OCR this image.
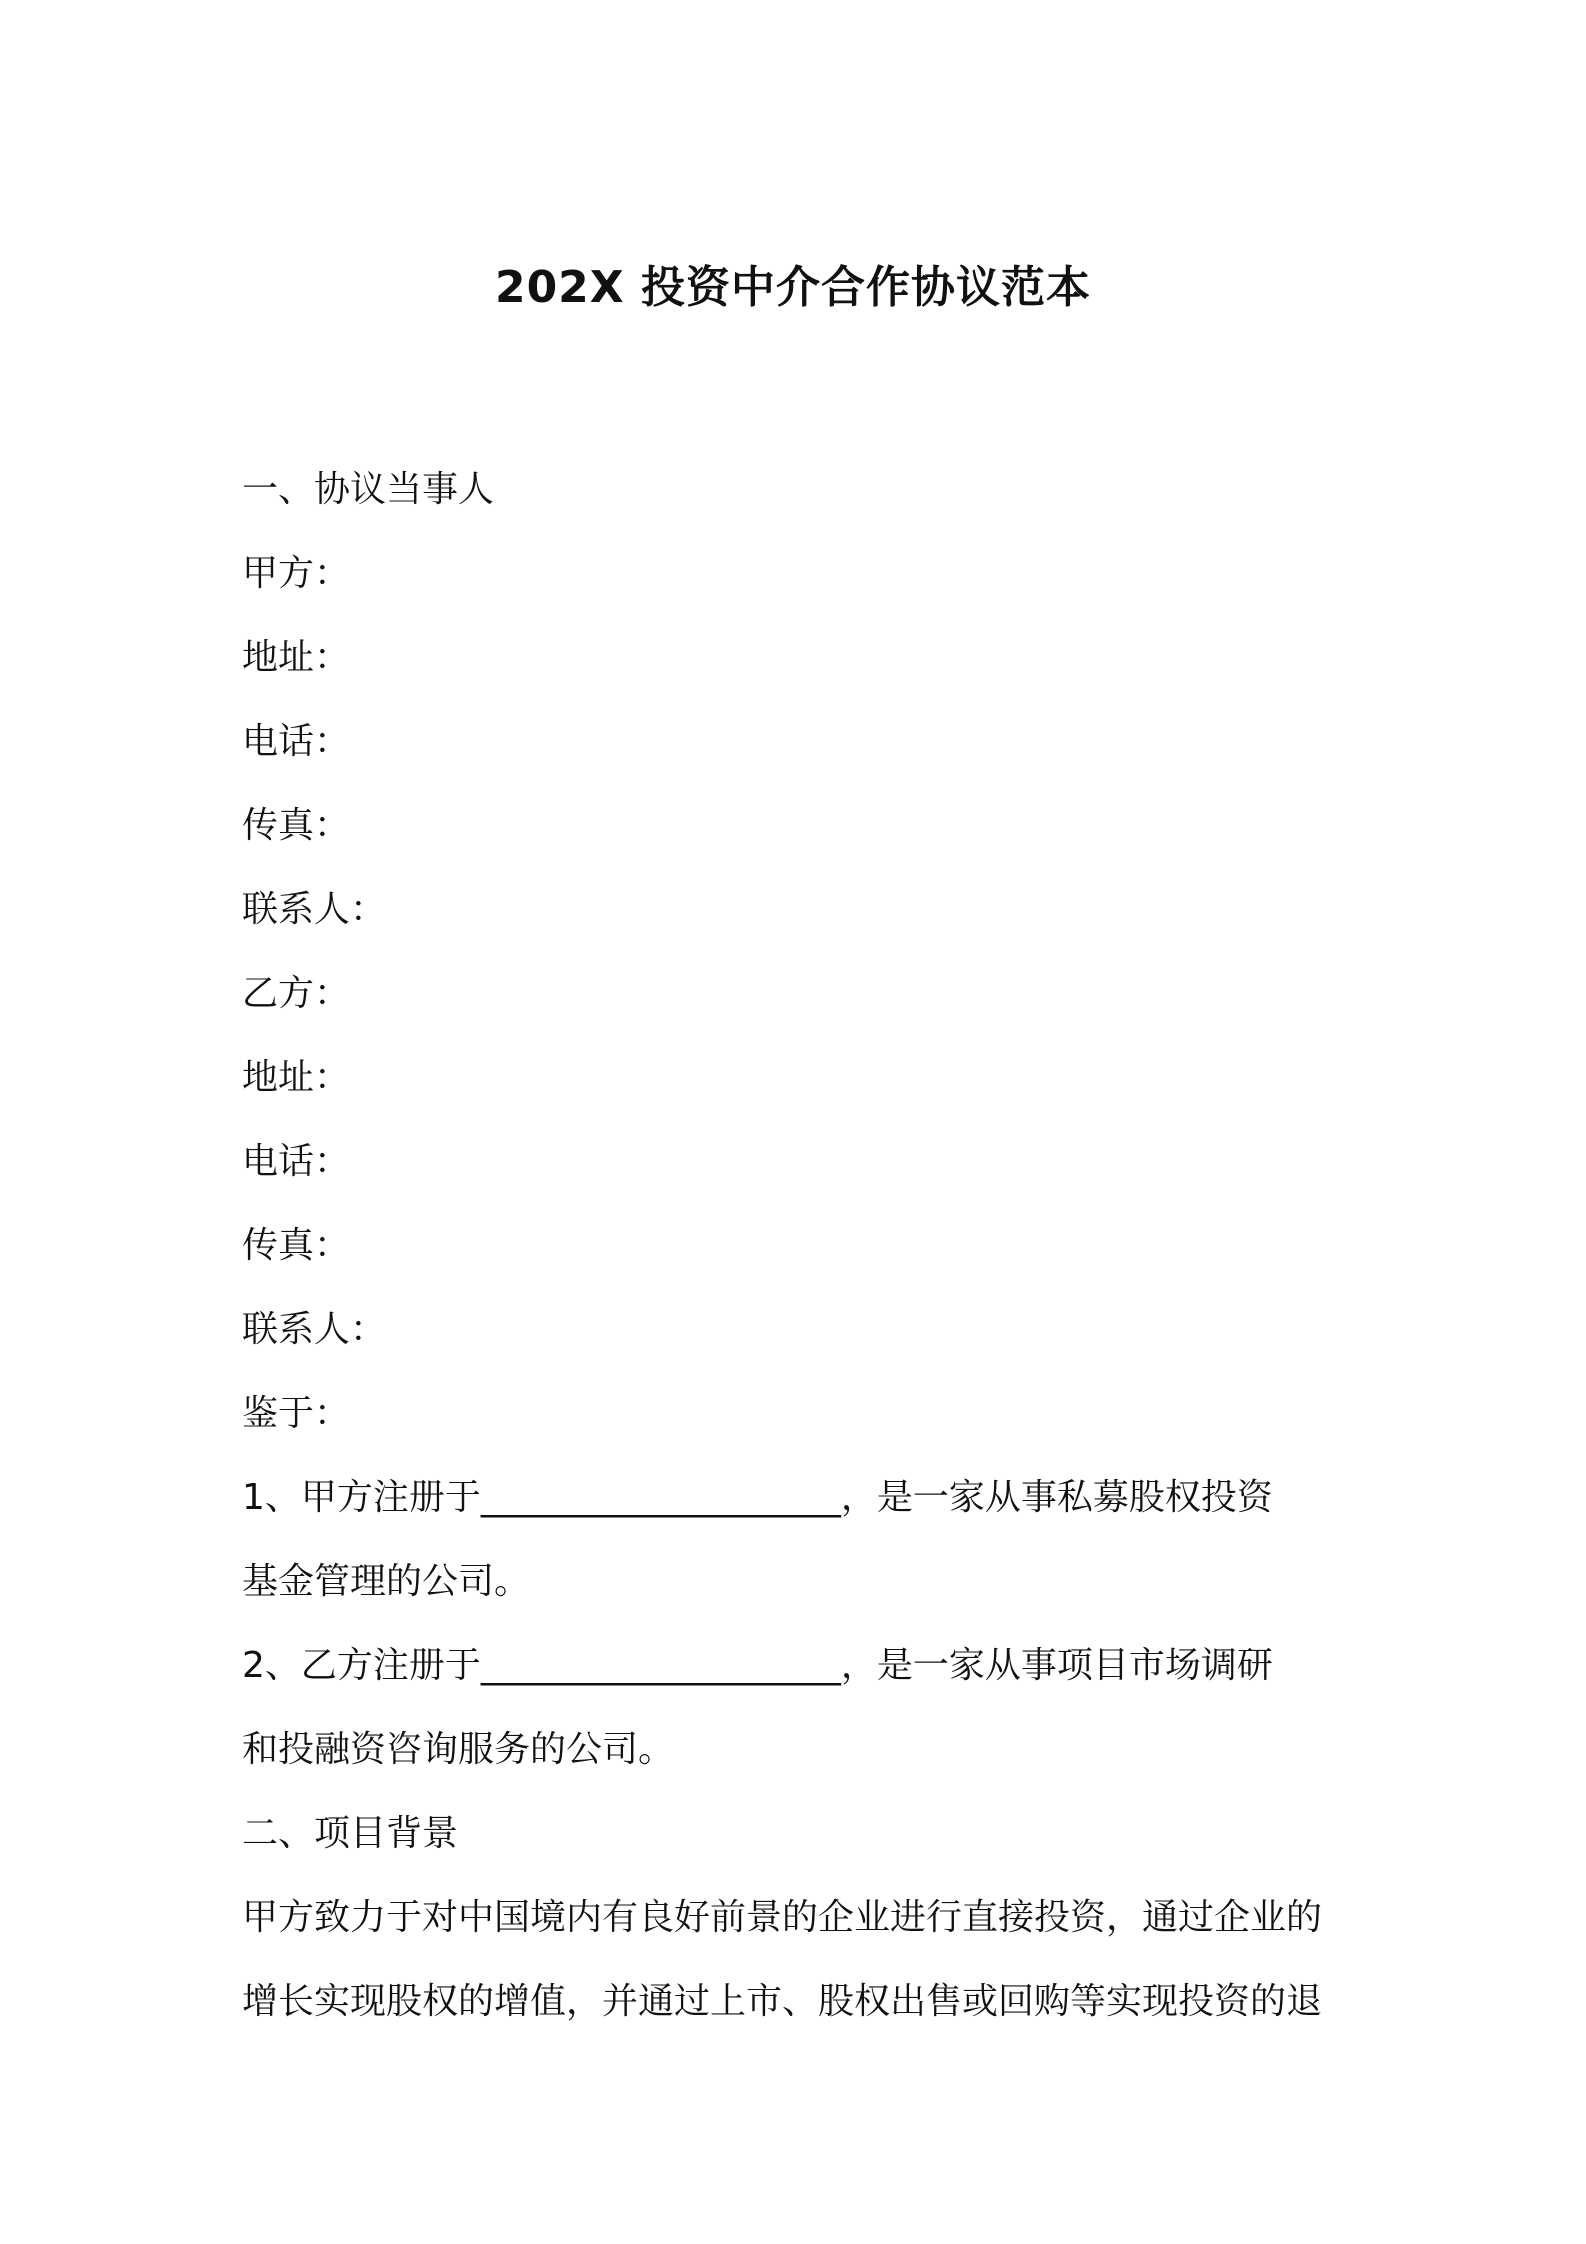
202X 投资中介合作协议范本

一、协议当事人

甲方：

地址：

电话：

传真：

联系人：

乙方：

地址：

电话：

传真：

联系人：

鉴于：

1、甲方注册于____________________，是一家从事私募股权投资

基金管理的公司。

2、乙方注册于____________________，是一家从事项目市场调研

和投融资咨询服务的公司。

二、项目背景

甲方致力于对中国境内有良好前景的企业进行直接投资，通过企业的

增长实现股权的增值，并通过上市、股权出售或回购等实现投资的退
